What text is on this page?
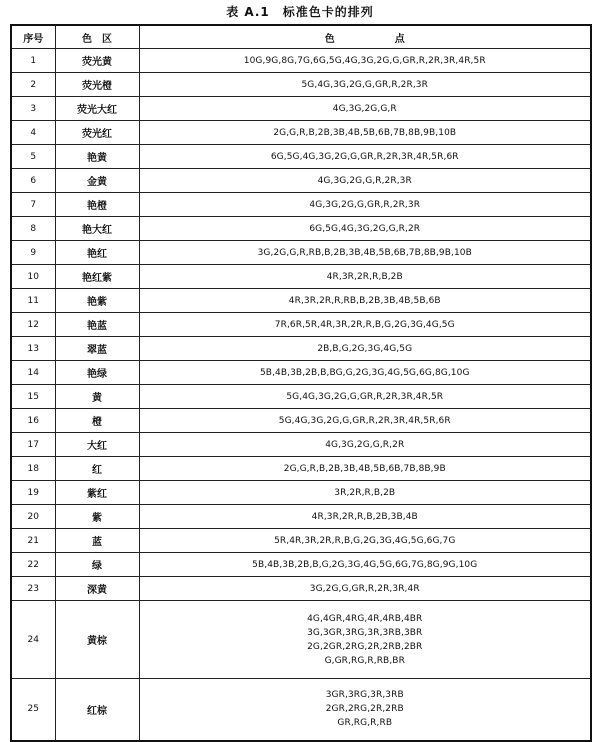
表 A.1　标准色卡的排列
序号	色　区	色　　　　　　点
1	荧光黄	10G,9G,8G,7G,6G,5G,4G,3G,2G,G,GR,R,2R,3R,4R,5R

2	荧光橙	5G,4G,3G,2G,G,GR,R,2R,3R

3	荧光大红	4G,3G,2G,G,R

4	荧光红	2G,G,R,B,2B,3B,4B,5B,6B,7B,8B,9B,10B

5	艳黄	6G,5G,4G,3G,2G,G,GR,R,2R,3R,4R,5R,6R

6	金黄	4G,3G,2G,G,R,2R,3R

7	艳橙	4G,3G,2G,G,GR,R,2R,3R

8	艳大红	6G,5G,4G,3G,2G,G,R,2R

9	艳红	3G,2G,G,R,RB,B,2B,3B,4B,5B,6B,7B,8B,9B,10B

10	艳红紫	4R,3R,2R,R,B,2B

11	艳紫	4R,3R,2R,R,RB,B,2B,3B,4B,5B,6B

12	艳蓝	7R,6R,5R,4R,3R,2R,R,B,G,2G,3G,4G,5G

13	翠蓝	2B,B,G,2G,3G,4G,5G

14	艳绿	5B,4B,3B,2B,B,BG,G,2G,3G,4G,5G,6G,8G,10G

15	黄	5G,4G,3G,2G,G,GR,R,2R,3R,4R,5R

16	橙	5G,4G,3G,2G,G,GR,R,2R,3R,4R,5R,6R

17	大红	4G,3G,2G,G,R,2R

18	红	2G,G,R,B,2B,3B,4B,5B,6B,7B,8B,9B

19	紫红	3R,2R,R,B,2B

20	紫	4R,3R,2R,R,B,2B,3B,4B

21	蓝	5R,4R,3R,2R,R,B,G,2G,3G,4G,5G,6G,7G

22	绿	5B,4B,3B,2B,B,G,2G,3G,4G,5G,6G,7G,8G,9G,10G

23	深黄	3G,2G,G,GR,R,2R,3R,4R

24	黄棕	4G,4GR,4RG,4R,4RB,4BR
3G,3GR,3RG,3R,3RB,3BR
2G,2GR,2RG,2R,2RB,2BR
G,GR,RG,R,RB,BR

25	红棕	3GR,3RG,3R,3RB
2GR,2RG,2R,2RB
GR,RG,R,RB
